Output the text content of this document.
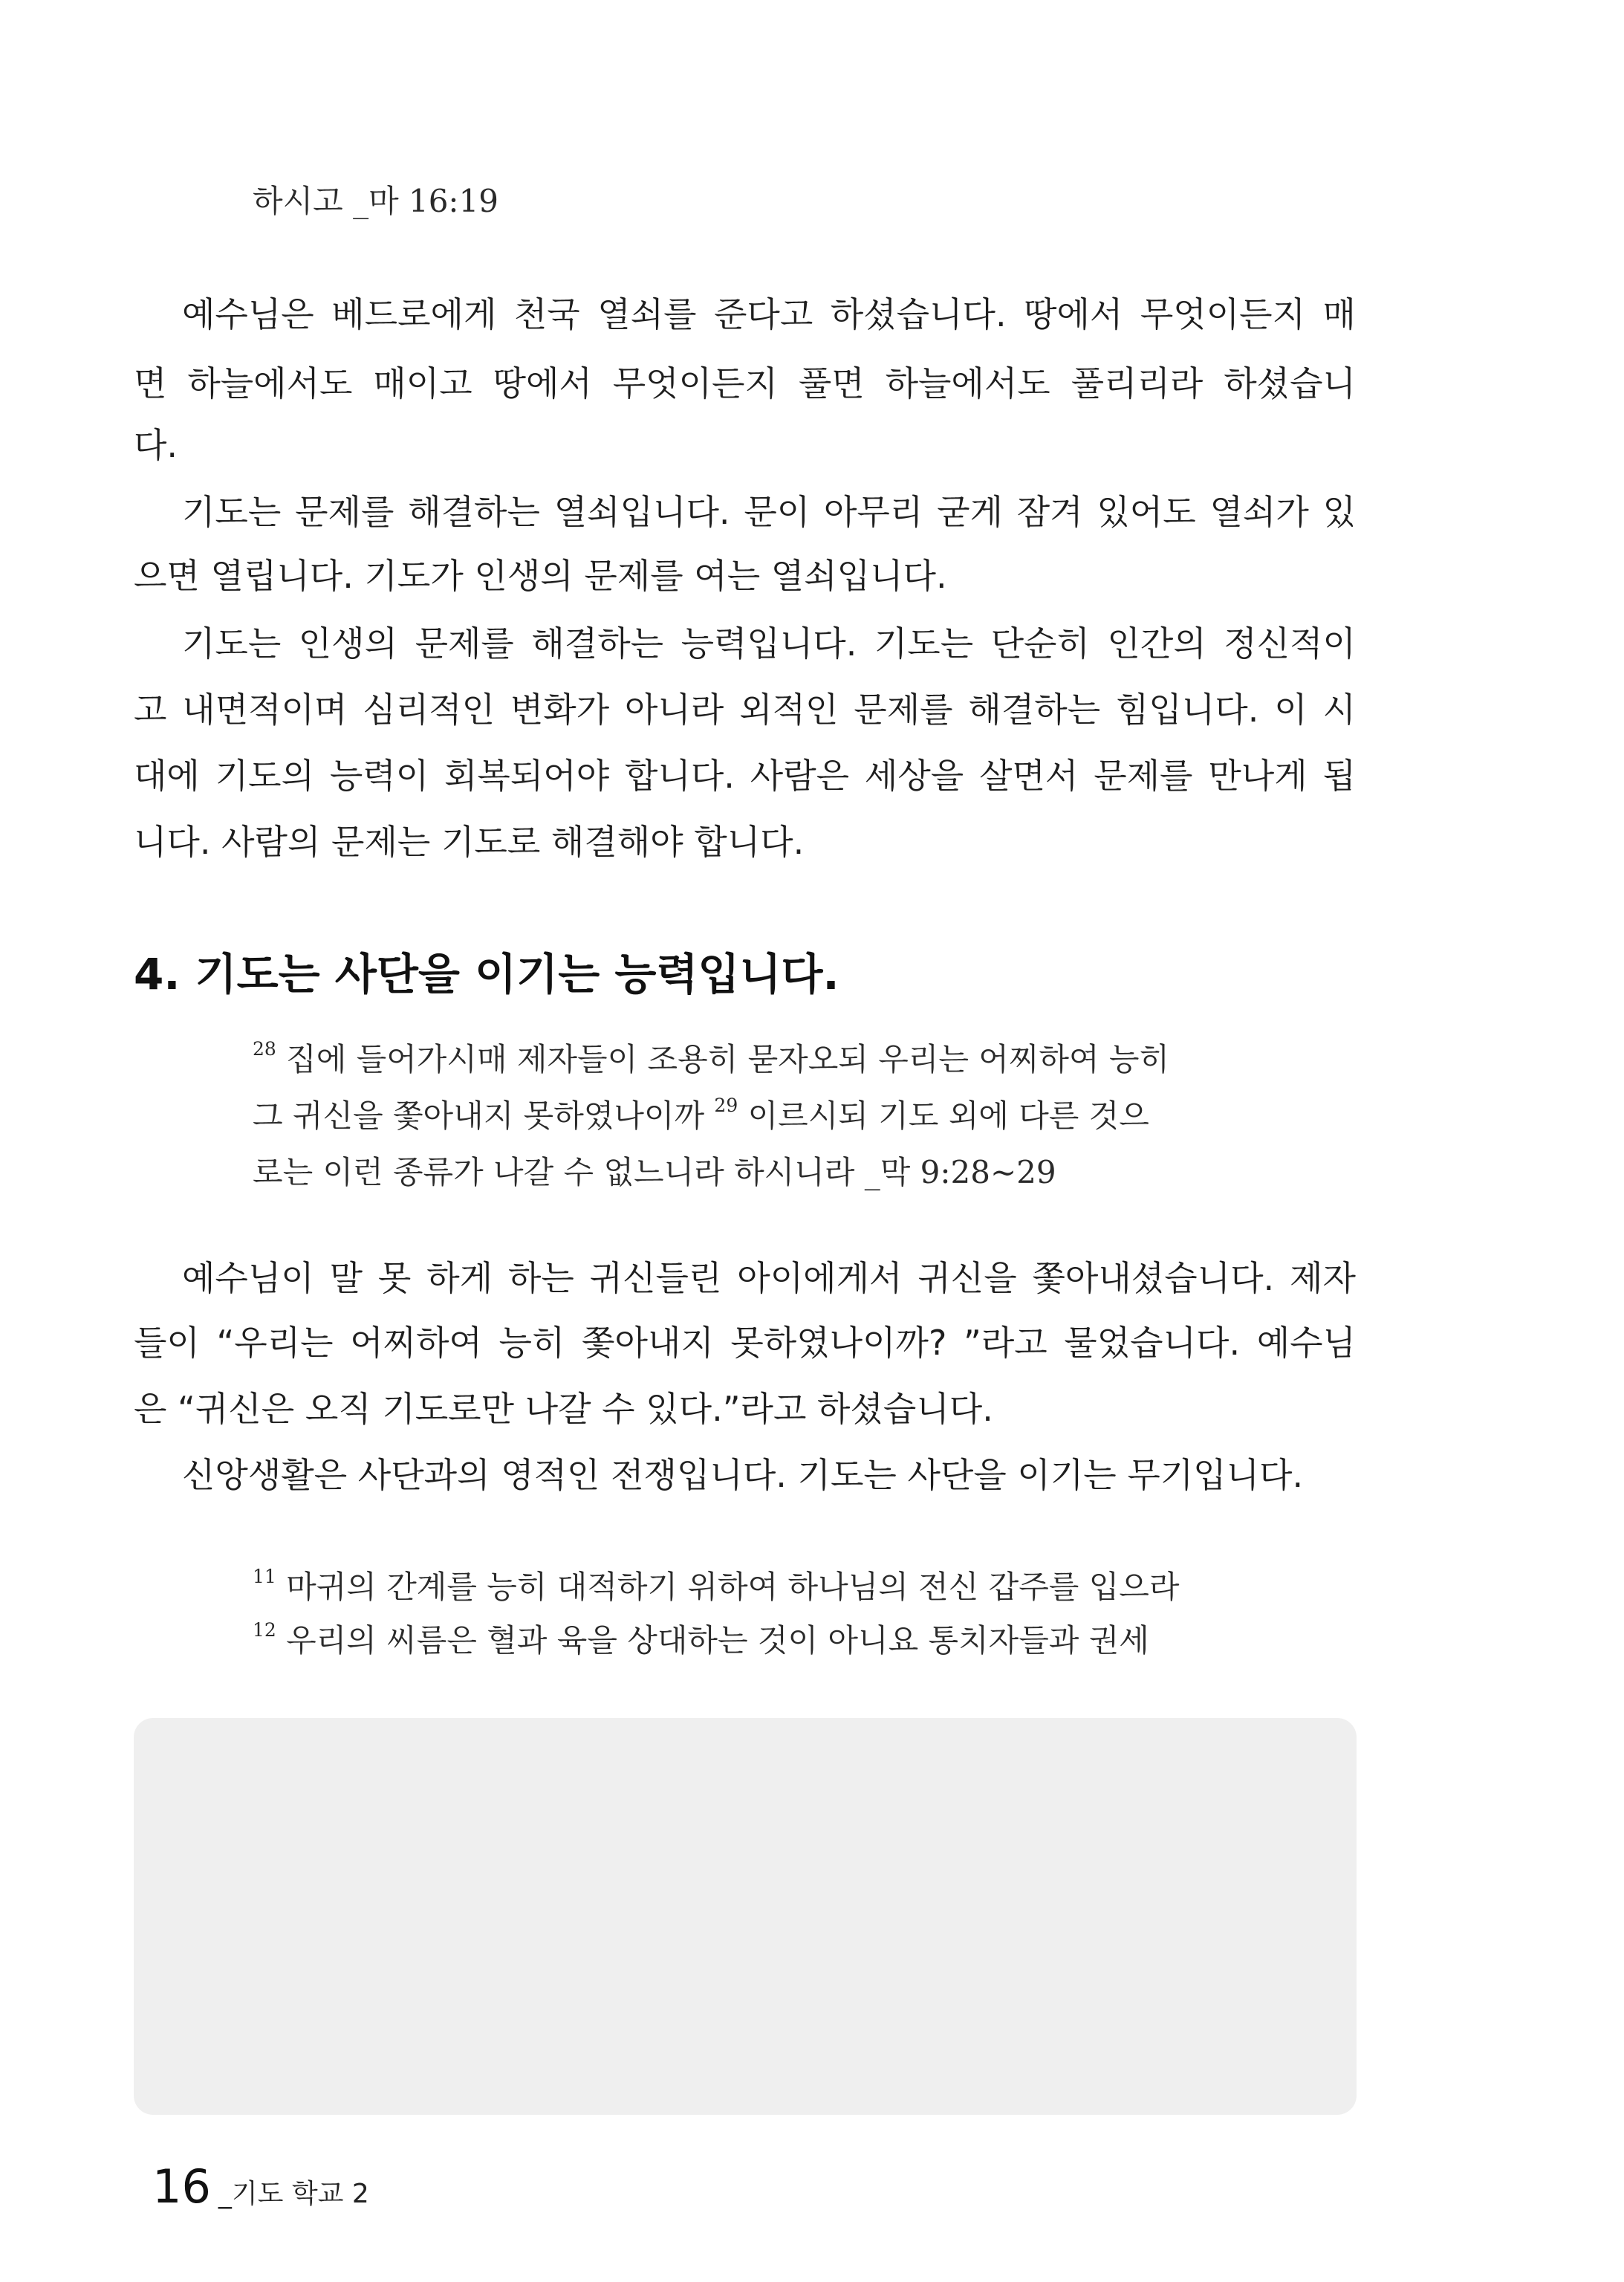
하시고 _마 16:19
예수님은 베드로에게 천국 열쇠를 준다고 하셨습니다. 땅에서 무엇이든지 매
면 하늘에서도 매이고 땅에서 무엇이든지 풀면 하늘에서도 풀리리라 하셨습니
다.
기도는 문제를 해결하는 열쇠입니다. 문이 아무리 굳게 잠겨 있어도 열쇠가 있
으면 열립니다. 기도가 인생의 문제를 여는 열쇠입니다.
기도는 인생의 문제를 해결하는 능력입니다. 기도는 단순히 인간의 정신적이
고 내면적이며 심리적인 변화가 아니라 외적인 문제를 해결하는 힘입니다. 이 시
대에 기도의 능력이 회복되어야 합니다. 사람은 세상을 살면서 문제를 만나게 됩
니다. 사람의 문제는 기도로 해결해야 합니다.
4. 기도는 사단을 이기는 능력입니다.
$^{28}$ 집에 들어가시매 제자들이 조용히 묻자오되 우리는 어찌하여 능히
그 귀신을 쫓아내지 못하였나이까 $^{29}$ 이르시되 기도 외에 다른 것으
로는 이런 종류가 나갈 수 없느니라 하시니라 _막 9:28~29
예수님이 말 못 하게 하는 귀신들린 아이에게서 귀신을 쫓아내셨습니다. 제자
들이 “우리는 어찌하여 능히 쫓아내지 못하였나이까? ”라고 물었습니다. 예수님
은 “귀신은 오직 기도로만 나갈 수 있다.”라고 하셨습니다.
신앙생활은 사단과의 영적인 전쟁입니다. 기도는 사단을 이기는 무기입니다.
$^{11}$ 마귀의 간계를 능히 대적하기 위하여 하나님의 전신 갑주를 입으라
$^{12}$ 우리의 씨름은 혈과 육을 상대하는 것이 아니요 통치자들과 권세
16 _기도 학교 2
